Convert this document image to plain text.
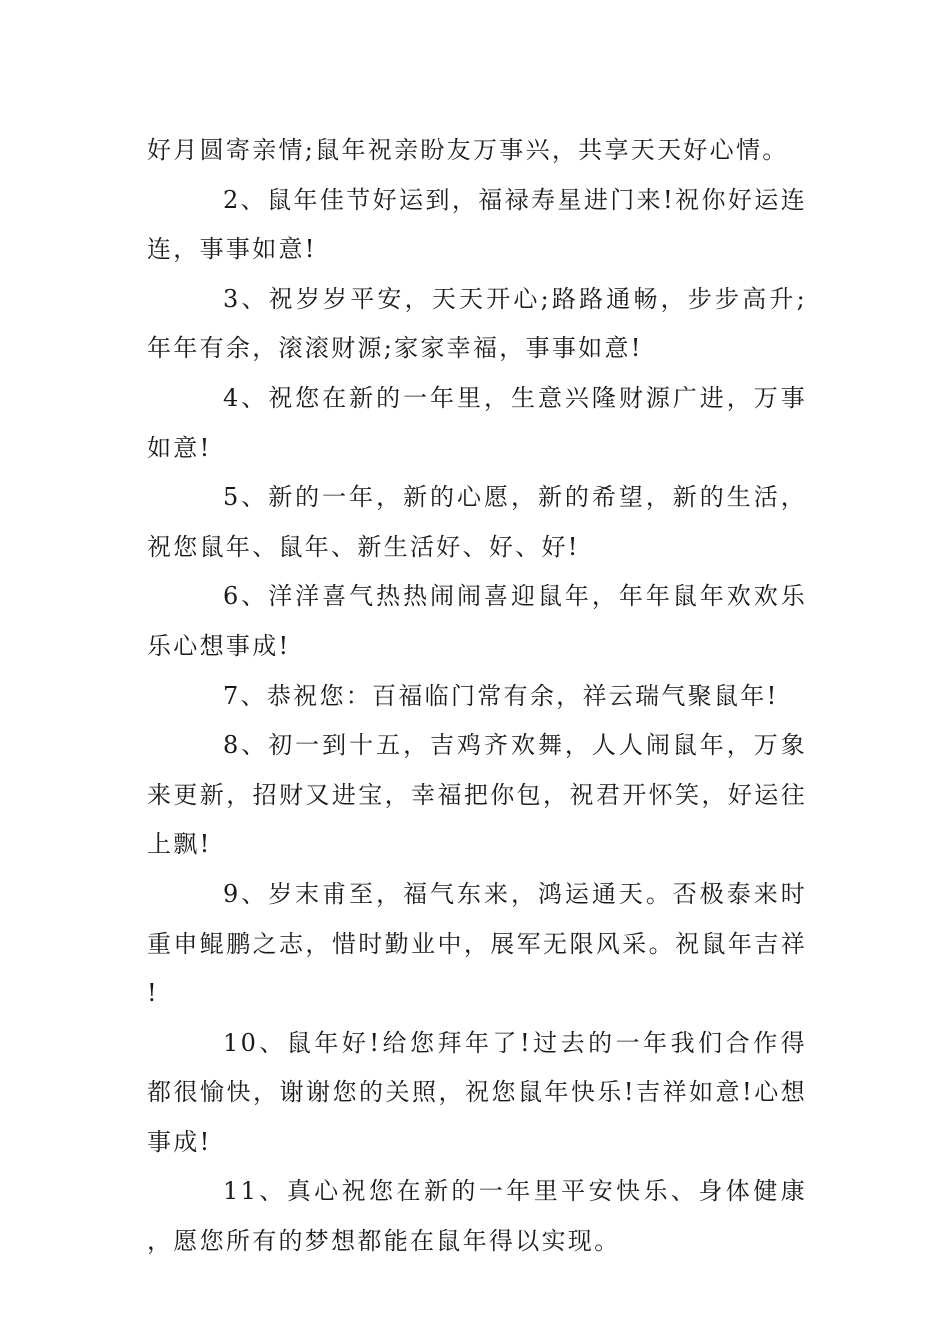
好月圆寄亲情;鼠年祝亲盼友万事兴，共享天天好心情。

2、鼠年佳节好运到，福禄寿星进门来!祝你好运连连，事事如意!

3、祝岁岁平安，天天开心;路路通畅，步步高升;年年有余，滚滚财源;家家幸福，事事如意!

4、祝您在新的一年里，生意兴隆财源广进，万事如意!

5、新的一年，新的心愿，新的希望，新的生活，祝您鼠年、鼠年、新生活好、好、好!

6、洋洋喜气热热闹闹喜迎鼠年，年年鼠年欢欢乐乐心想事成!

7、恭祝您：百福临门常有余，祥云瑞气聚鼠年!

8、初一到十五，吉鸡齐欢舞，人人闹鼠年，万象来更新，招财又进宝，幸福把你包，祝君开怀笑，好运往上飘!

9、岁末甫至，福气东来，鸿运通天。否极泰来时重申鲲鹏之志，惜时勤业中，展军无限风采。祝鼠年吉祥!

10、鼠年好!给您拜年了!过去的一年我们合作得都很愉快，谢谢您的关照，祝您鼠年快乐!吉祥如意!心想事成!

11、真心祝您在新的一年里平安快乐、身体健康，愿您所有的梦想都能在鼠年得以实现。
